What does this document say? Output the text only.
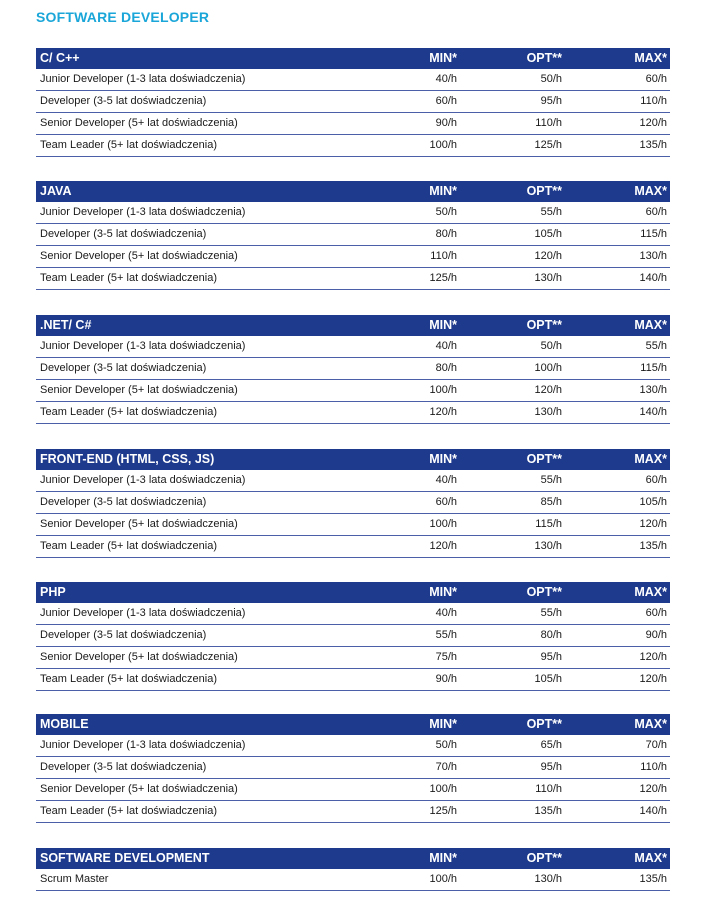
SOFTWARE DEVELOPER
C/ C++	MIN*	OPT**	MAX*
Junior Developer (1-3 lata doświadczenia)	40/h	50/h	60/h
Developer (3-5 lat doświadczenia)	60/h	95/h	110/h
Senior Developer (5+ lat doświadczenia)	90/h	110/h	120/h
Team Leader (5+ lat doświadczenia)	100/h	125/h	135/h
JAVA	MIN*	OPT**	MAX*
Junior Developer (1-3 lata doświadczenia)	50/h	55/h	60/h
Developer (3-5 lat doświadczenia)	80/h	105/h	115/h
Senior Developer (5+ lat doświadczenia)	110/h	120/h	130/h
Team Leader (5+ lat doświadczenia)	125/h	130/h	140/h
.NET/ C#	MIN*	OPT**	MAX*
Junior Developer (1-3 lata doświadczenia)	40/h	50/h	55/h
Developer (3-5 lat doświadczenia)	80/h	100/h	115/h
Senior Developer (5+ lat doświadczenia)	100/h	120/h	130/h
Team Leader (5+ lat doświadczenia)	120/h	130/h	140/h
FRONT-END (HTML, CSS, JS)	MIN*	OPT**	MAX*
Junior Developer (1-3 lata doświadczenia)	40/h	55/h	60/h
Developer (3-5 lat doświadczenia)	60/h	85/h	105/h
Senior Developer (5+ lat doświadczenia)	100/h	115/h	120/h
Team Leader (5+ lat doświadczenia)	120/h	130/h	135/h
PHP	MIN*	OPT**	MAX*
Junior Developer (1-3 lata doświadczenia)	40/h	55/h	60/h
Developer (3-5 lat doświadczenia)	55/h	80/h	90/h
Senior Developer (5+ lat doświadczenia)	75/h	95/h	120/h
Team Leader (5+ lat doświadczenia)	90/h	105/h	120/h
MOBILE	MIN*	OPT**	MAX*
Junior Developer (1-3 lata doświadczenia)	50/h	65/h	70/h
Developer (3-5 lat doświadczenia)	70/h	95/h	110/h
Senior Developer (5+ lat doświadczenia)	100/h	110/h	120/h
Team Leader (5+ lat doświadczenia)	125/h	135/h	140/h
SOFTWARE DEVELOPMENT	MIN*	OPT**	MAX*
Scrum Master	100/h	130/h	135/h
